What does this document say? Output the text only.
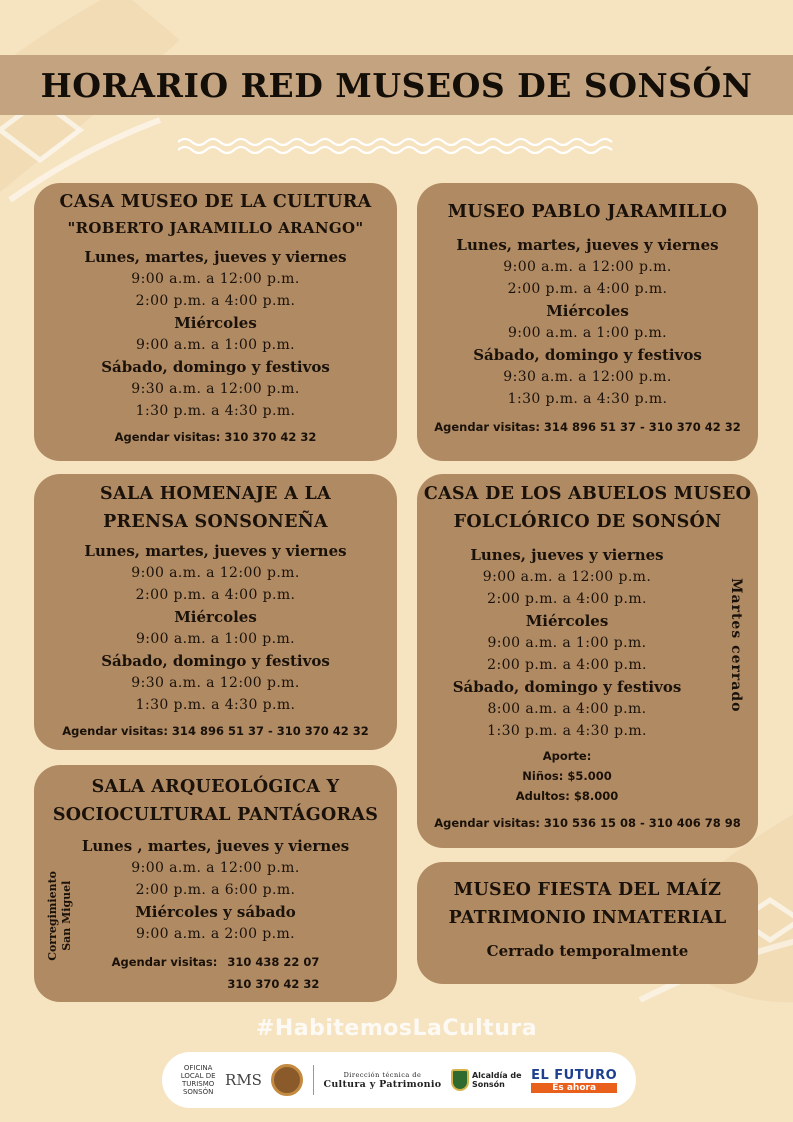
HORARIO RED MUSEOS DE SONSÓN
CASA MUSEO DE LA CULTURA
"ROBERTO JARAMILLO ARANGO"
Lunes, martes, jueves y viernes
9:00 a.m. a 12:00 p.m.
2:00 p.m. a 4:00 p.m.
Miércoles
9:00 a.m. a 1:00 p.m.
Sábado, domingo y festivos
9:30 a.m. a 12:00 p.m.
1:30 p.m. a 4:30 p.m.
Agendar visitas: 310 370 42 32
MUSEO PABLO JARAMILLO
Lunes, martes, jueves y viernes
9:00 a.m. a 12:00 p.m.
2:00 p.m. a 4:00 p.m.
Miércoles
9:00 a.m. a 1:00 p.m.
Sábado, domingo y festivos
9:30 a.m. a 12:00 p.m.
1:30 p.m. a 4:30 p.m.
Agendar visitas: 314 896 51 37 - 310 370 42 32
SALA HOMENAJE A LA
PRENSA SONSONEÑA
Lunes, martes, jueves y viernes
9:00 a.m. a 12:00 p.m.
2:00 p.m. a 4:00 p.m.
Miércoles
9:00 a.m. a 1:00 p.m.
Sábado, domingo y festivos
9:30 a.m. a 12:00 p.m.
1:30 p.m. a 4:30 p.m.
Agendar visitas: 314 896 51 37 - 310 370 42 32
CASA DE LOS ABUELOS MUSEO
FOLCLÓRICO DE SONSÓN
Lunes, jueves y viernes
9:00 a.m. a 12:00 p.m.
2:00 p.m. a 4:00 p.m.
Miércoles
9:00 a.m. a 1:00 p.m.
2:00 p.m. a 4:00 p.m.
Sábado, domingo y festivos
8:00 a.m. a 4:00 p.m.
1:30 p.m. a 4:30 p.m.
Aporte:
Niños: $5.000
Adultos: $8.000
Agendar visitas: 310 536 15 08 - 310 406 78 98
Martes cerrado
SALA ARQUEOLÓGICA Y
SOCIOCULTURAL PANTÁGORAS
Lunes , martes, jueves y viernes
9:00 a.m. a 12:00 p.m.
2:00 p.m. a 6:00 p.m.
Miércoles y sábado
9:00 a.m. a 2:00 p.m.
Agendar visitas: 310 438 22 07
310 370 42 32
Corregimiento
San Miguel	MUSEO FIESTA DEL MAÍZ
PATRIMONIO INMATERIAL
Cerrado temporalmente
#HabitemosLaCultura
OFICINA
LOCAL DE
TURISMO
SONSÓN
RMS	Dirección técnica de
Cultura y Patrimonio
Alcaldía de
Sonsón
EL FUTURO
Es ahora
